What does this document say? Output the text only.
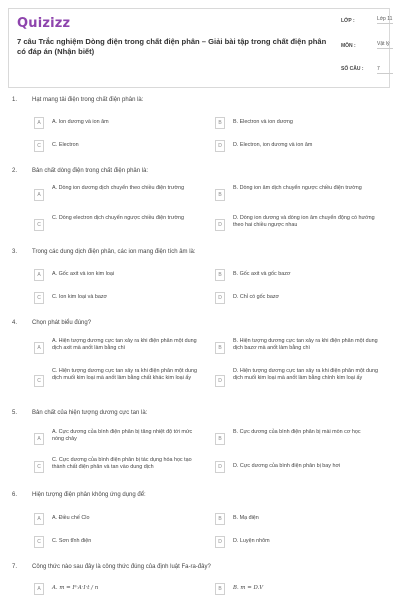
Quizizz
7 câu Trắc nghiệm Dòng điện trong chất điện phân – Giải bài tập trong chất điện phân có đáp án (Nhận biết)
LỚP :	Lớp 11
MÔN :	Vật lý
SỐ CÂU :	7
1. Hạt mang tải điện trong chất điện phân là:
A	A. Ion dương và ion âm	B	B. Electron và ion dương
C	C. Electron	D	D. Electron, ion dương và ion âm
2. Bản chất dòng điện trong chất điện phân là:
A
A. Dòng ion dương dịch chuyển theo chiều điện trường
B
B. Dòng ion âm dịch chuyển ngược chiều điện trường
C
C. Dòng electron dịch chuyển ngược chiều điện trường
D
D. Dòng ion dương và dòng ion âm chuyển động có hướng theo hai chiều ngược nhau
3. Trong các dung dịch điện phân, các ion mang điện tích âm là:
A	A. Gốc axit và ion kim loại	B	B. Gốc axit và gốc bazơ
C	C. Ion kim loại và bazơ	D	D. Chỉ có gốc bazơ
4. Chọn phát biểu đúng?
A
A. Hiện tượng dương cực tan xảy ra khi điện phân một dung dịch axit mà anốt làm bằng chì	B
B. Hiện tượng dương cực tan xảy ra khi điện phân một dung dịch bazơ mà anốt làm bằng chì
C
C. Hiện tượng dương cực tan xảy ra khi điện phân một dung dịch muối kim loại mà anốt làm bằng chất khác kim loại ấy	D
D. Hiện tượng dương cực tan xảy ra khi điện phân một dung dịch muối kim loại mà anốt làm bằng chính kim loại ấy
5. Bản chất của hiện tượng dương cực tan là:
A
A. Cực dương của bình điện phân bị tăng nhiệt độ tới mức nóng chảy	B
B. Cực dương của bình điện phân bị mài mòn cơ học
C
C. Cực dương của bình điện phân bị tác dụng hóa học tạo thành chất điện phân và tan vào dung dịch	D	D. Cực dương của bình điện phân bị bay hơi
6. Hiện tượng điện phân không ứng dụng để:
A	A. Điều chế Clo	B	B. Mạ điện
C	C. Sơn tĩnh điện	D	D. Luyện nhôm
7. Công thức nào sau đây là công thức đúng của định luật Fa-ra-đây?
A	A. m = F·A·I·t / n	B	B. m = D.V
